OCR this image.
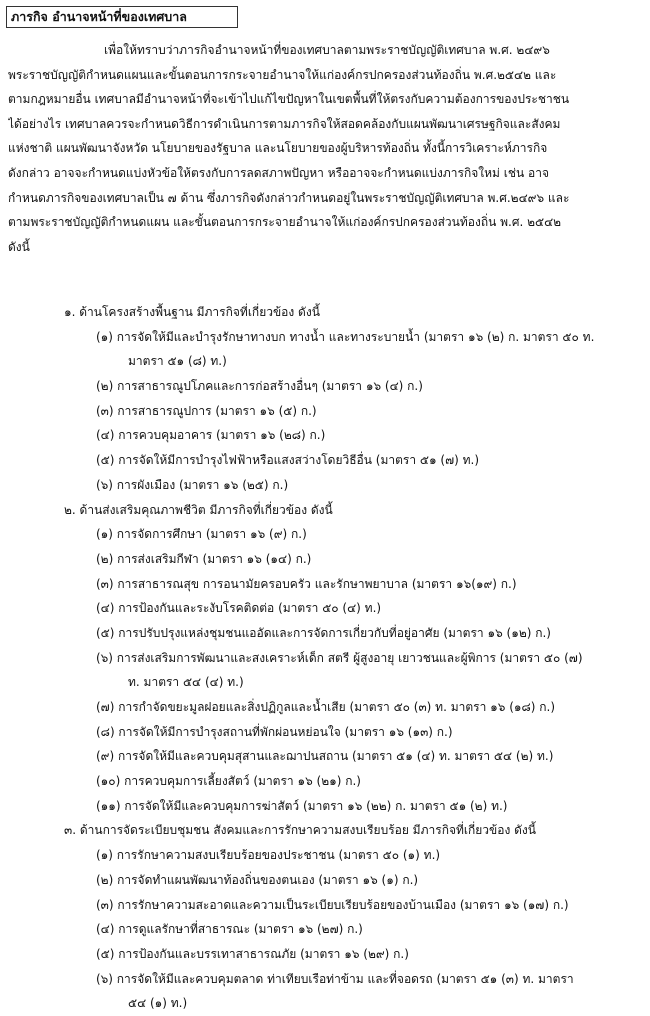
ภารกิจ อำนาจหน้าที่ของเทศบาล

เพื่อให้ทราบว่าภารกิจอำนาจหน้าที่ของเทศบาลตามพระราชบัญญัติเทศบาล พ.ศ. ๒๔๙๖
พระราชบัญญัติกำหนดแผนและขั้นตอนการกระจายอำนาจให้แก่องค์กรปกครองส่วนท้องถิ่น พ.ศ.๒๕๔๒ และ
ตามกฎหมายอื่น เทศบาลมีอำนาจหน้าที่จะเข้าไปแก้ไขปัญหาในเขตพื้นที่ให้ตรงกับความต้องการของประชาชน
ได้อย่างไร เทศบาลควรจะกำหนดวิธีการดำเนินการตามภารกิจให้สอดคล้องกับแผนพัฒนาเศรษฐกิจและสังคม
แห่งชาติ แผนพัฒนาจังหวัด นโยบายของรัฐบาล และนโยบายของผู้บริหารท้องถิ่น ทั้งนี้การวิเคราะห์ภารกิจ
ดังกล่าว อาจจะกำหนดแบ่งหัวข้อให้ตรงกับการลดสภาพปัญหา หรืออาจจะกำหนดแบ่งภารกิจใหม่ เช่น อาจ
กำหนดภารกิจของเทศบาลเป็น ๗ ด้าน ซึ่งภารกิจดังกล่าวกำหนดอยู่ในพระราชบัญญัติเทศบาล พ.ศ.๒๔๙๖ และ
ตามพระราชบัญญัติกำหนดแผน และขั้นตอนการกระจายอำนาจให้แก่องค์กรปกครองส่วนท้องถิ่น พ.ศ. ๒๕๔๒
ดังนี้

๑. ด้านโครงสร้างพื้นฐาน มีภารกิจที่เกี่ยวข้อง ดังนี้
(๑) การจัดให้มีและบำรุงรักษาทางบก ทางน้ำ และทางระบายน้ำ (มาตรา ๑๖ (๒) ก. มาตรา ๕๐ ท.
มาตรา ๕๑ (๘) ท.)
(๒) การสาธารณูปโภคและการก่อสร้างอื่นๆ (มาตรา ๑๖ (๔) ก.)
(๓) การสาธารณูปการ (มาตรา ๑๖ (๕) ก.)
(๔) การควบคุมอาคาร (มาตรา ๑๖ (๒๘) ก.)
(๕) การจัดให้มีการบำรุงไฟฟ้าหรือแสงสว่างโดยวิธีอื่น (มาตรา ๕๑ (๗) ท.)
(๖) การผังเมือง (มาตรา ๑๖ (๒๕) ก.)
๒. ด้านส่งเสริมคุณภาพชีวิต มีภารกิจที่เกี่ยวข้อง ดังนี้
(๑) การจัดการศึกษา (มาตรา ๑๖ (๙) ก.)
(๒) การส่งเสริมกีฬา (มาตรา ๑๖ (๑๔) ก.)
(๓) การสาธารณสุข การอนามัยครอบครัว และรักษาพยาบาล (มาตรา ๑๖(๑๙) ก.)
(๔) การป้องกันและระงับโรคติดต่อ (มาตรา ๕๐ (๔) ท.)
(๕) การปรับปรุงแหล่งชุมชนแออัดและการจัดการเกี่ยวกับที่อยู่อาศัย (มาตรา ๑๖ (๑๒) ก.)
(๖) การส่งเสริมการพัฒนาและสงเคราะห์เด็ก สตรี ผู้สูงอายุ เยาวชนและผู้พิการ (มาตรา ๕๐ (๗)
ท. มาตรา ๕๔ (๔) ท.)
(๗) การกำจัดขยะมูลฝอยและสิ่งปฏิกูลและน้ำเสีย (มาตรา ๕๐ (๓) ท. มาตรา ๑๖ (๑๘) ก.)
(๘) การจัดให้มีการบำรุงสถานที่พักผ่อนหย่อนใจ (มาตรา ๑๖ (๑๓) ก.)
(๙) การจัดให้มีและควบคุมสุสานและฌาปนสถาน (มาตรา ๕๑ (๔) ท. มาตรา ๕๔ (๒) ท.)
(๑๐) การควบคุมการเลี้ยงสัตว์ (มาตรา ๑๖ (๒๑) ก.)
(๑๑) การจัดให้มีและควบคุมการฆ่าสัตว์ (มาตรา ๑๖ (๒๒) ก. มาตรา ๕๑ (๒) ท.)
๓. ด้านการจัดระเบียบชุมชน สังคมและการรักษาความสงบเรียบร้อย มีภารกิจที่เกี่ยวข้อง ดังนี้
(๑) การรักษาความสงบเรียบร้อยของประชาชน (มาตรา ๕๐ (๑) ท.)
(๒) การจัดทำแผนพัฒนาท้องถิ่นของตนเอง (มาตรา ๑๖ (๑) ก.)
(๓) การรักษาความสะอาดและความเป็นระเบียบเรียบร้อยของบ้านเมือง (มาตรา ๑๖ (๑๗) ก.)
(๔) การดูแลรักษาที่สาธารณะ (มาตรา ๑๖ (๒๗) ก.)
(๕) การป้องกันและบรรเทาสาธารณภัย (มาตรา ๑๖ (๒๙) ก.)
(๖) การจัดให้มีและควบคุมตลาด ท่าเทียบเรือท่าข้าม และที่จอดรถ (มาตรา ๕๑ (๓) ท. มาตรา
๕๔ (๑) ท.)
